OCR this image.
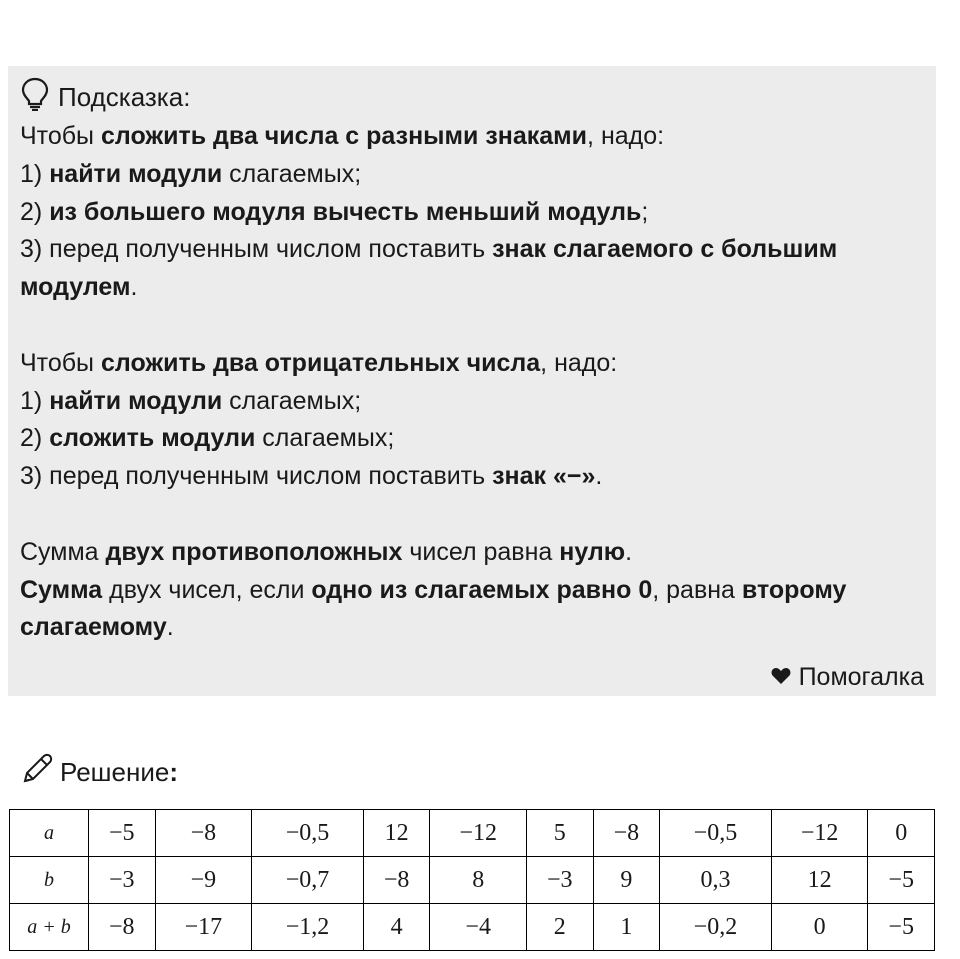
Подсказка:

Чтобы сложить два числа с разными знаками, надо:

1) найти модули слагаемых;

2) из большего модуля вычесть меньший модуль;

3) перед полученным числом поставить знак слагаемого с большим

модулем.

Чтобы сложить два отрицательных числа, надо:

1) найти модули слагаемых;

2) сложить модули слагаемых;

3) перед полученным числом поставить знак «−».

Сумма двух противоположных чисел равна нулю.

Сумма двух чисел, если одно из слагаемых равно 0, равна второму

слагаемому.

Помогалка
Решение:
a	−5	−8	−0,5	12	−12	5	−8	−0,5	−12	0
b	−3	−9	−0,7	−8	8	−3	9	0,3	12	−5
a + b	−8	−17	−1,2	4	−4	2	1	−0,2	0	−5
